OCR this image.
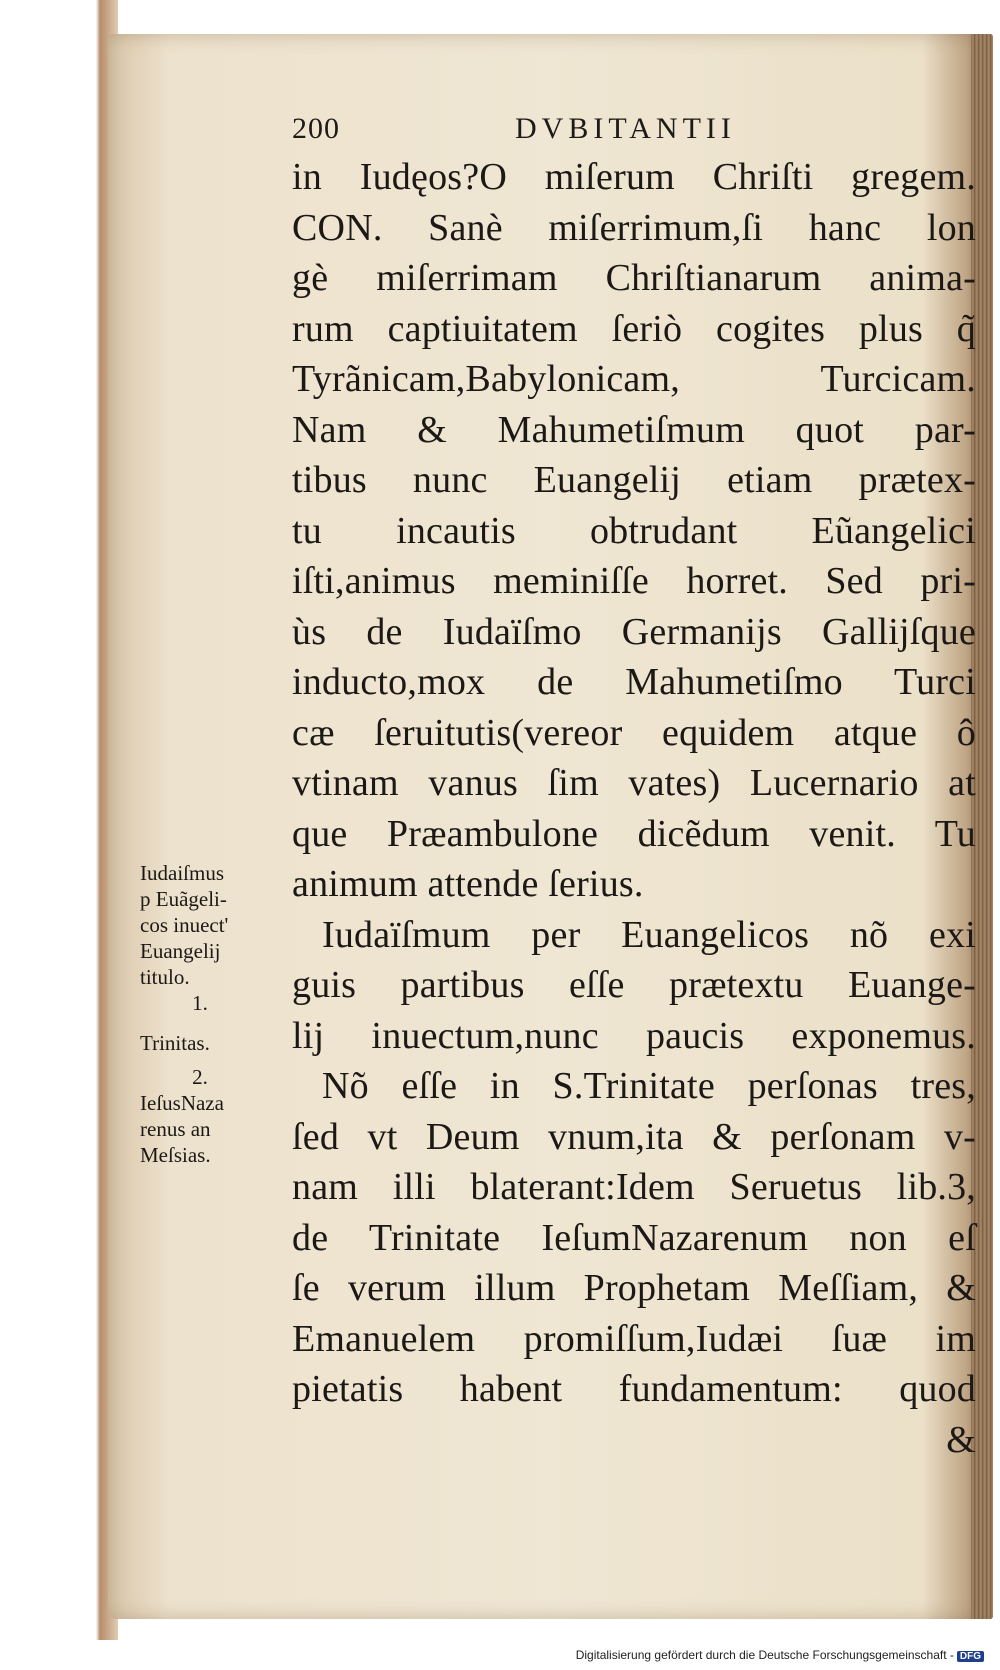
200	DVBITANTII
in Iudęos?O miſerum Chriſti gregem.
CON. Sanè miſerrimum,ſi hanc lon
gè miſerrimam Chriſtianarum anima-
rum captiuitatem ſeriò cogites plus q̃
Tyrãnicam,Babylonicam, Turcicam.
Nam & Mahumetiſmum quot par-
tibus nunc Euangelij etiam prætex-
tu incautis obtrudant Eũangelici
iſti,animus meminiſſe horret. Sed pri-
ùs de Iudaïſmo Germanijs Gallijſque
inducto,mox de Mahumetiſmo Turci
cæ ſeruitutis(vereor equidem atque ô
vtinam vanus ſim vates) Lucernario at
que Præambulone dicẽdum venit. Tu
animum attende ſerius.
Iudaïſmum per Euangelicos nõ exi
guis partibus eſſe prætextu Euange-
lij inuectum,nunc paucis exponemus.
Nõ eſſe in S.Trinitate perſonas tres,
ſed vt Deum vnum,ita & perſonam v-
nam illi blaterant:Idem Seruetus lib.3,
de Trinitate IeſumNazarenum non eſ
ſe verum illum Prophetam Meſſiam, &
Emanuelem promiſſum,Iudæi ſuæ im
pietatis habent fundamentum: quod
&
Iudaiſmus
p Euãgeli-
cos inuect'
Euangelij
titulo.
1.
Trinitas.
2.
IeſusNaza
renus an
Meſsias.
Digitalisierung gefördert durch die Deutsche Forschungsgemeinschaft - DFG
